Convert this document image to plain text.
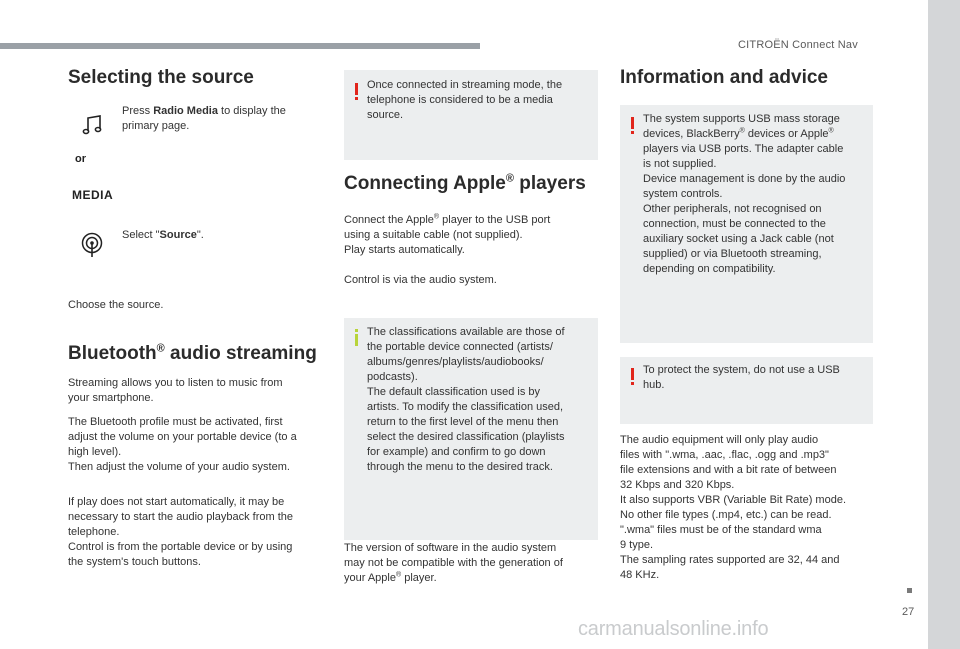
CITROËN Connect Nav
27
carmanualsonline.info
Selecting the source
Press Radio Media to display the
primary page.
or
MEDIA
Select "Source".
Choose the source.
Bluetooth® audio streaming
Streaming allows you to listen to music from
your smartphone.
The Bluetooth profile must be activated, first
adjust the volume on your portable device (to a
high level).
Then adjust the volume of your audio system.
If play does not start automatically, it may be
necessary to start the audio playback from the
telephone.
Control is from the portable device or by using
the system's touch buttons.
Once connected in streaming mode, the
telephone is considered to be a media
source.
Connecting Apple® players
Connect the Apple® player to the USB port
using a suitable cable (not supplied).
Play starts automatically.
Control is via the audio system.
The classifications available are those of
the portable device connected (artists/
albums/genres/playlists/audiobooks/
podcasts).
The default classification used is by
artists. To modify the classification used,
return to the first level of the menu then
select the desired classification (playlists
for example) and confirm to go down
through the menu to the desired track.
The version of software in the audio system
may not be compatible with the generation of
your Apple® player.
Information and advice
The system supports USB mass storage
devices, BlackBerry® devices or Apple®
players via USB ports. The adapter cable
is not supplied.
Device management is done by the audio
system controls.
Other peripherals, not recognised on
connection, must be connected to the
auxiliary socket using a Jack cable (not
supplied) or via Bluetooth streaming,
depending on compatibility.
To protect the system, do not use a USB
hub.
The audio equipment will only play audio
files with ".wma, .aac, .flac, .ogg and .mp3"
file extensions and with a bit rate of between
32 Kbps and 320 Kbps.
It also supports VBR (Variable Bit Rate) mode.
No other file types (.mp4, etc.) can be read.
".wma" files must be of the standard wma
9 type.
The sampling rates supported are 32, 44 and
48 KHz.
